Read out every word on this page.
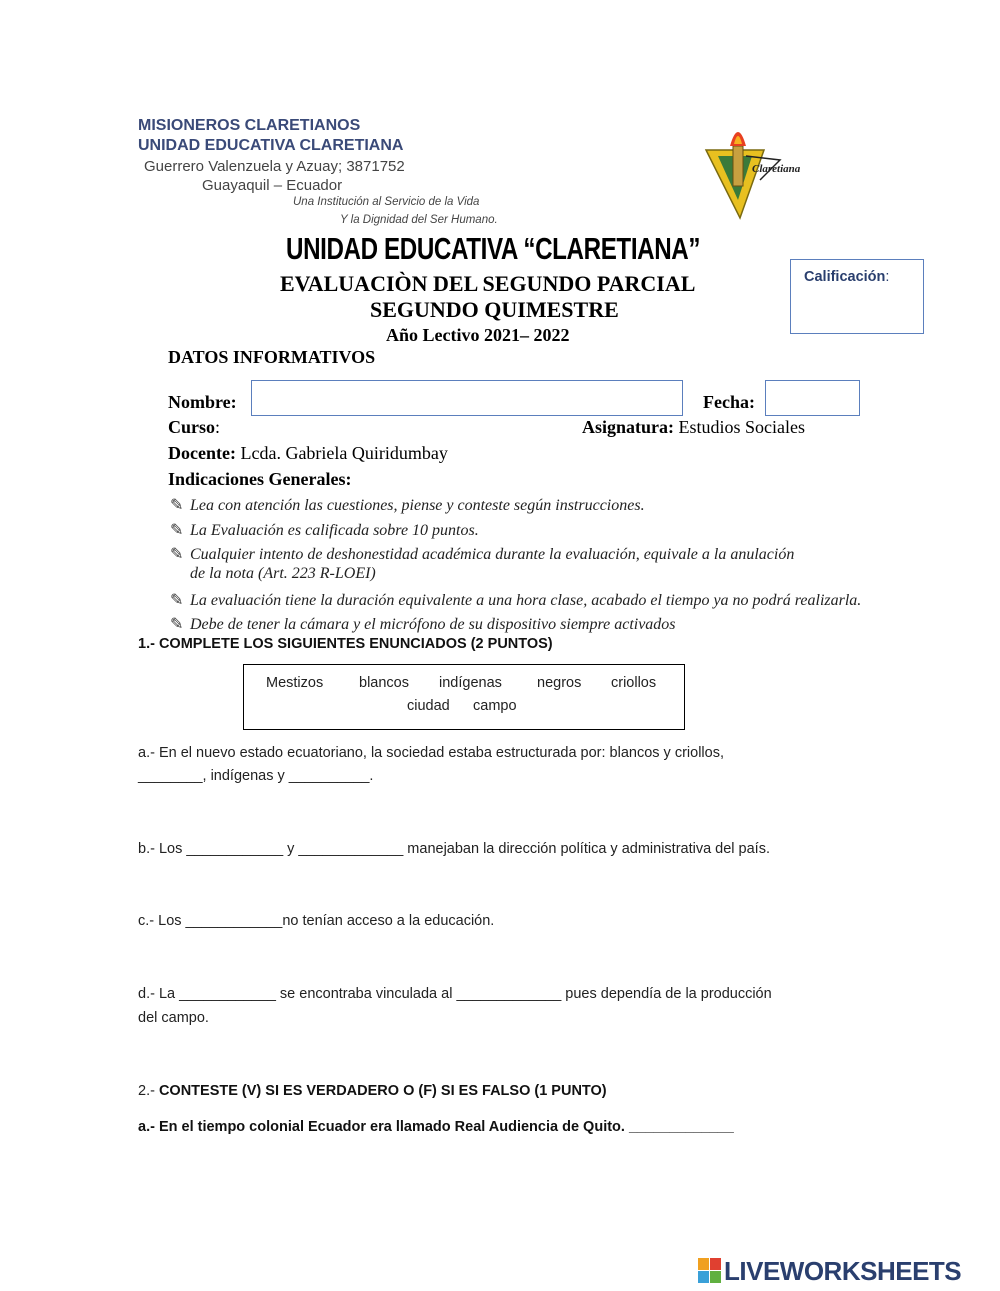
MISIONEROS CLARETIANOS
UNIDAD EDUCATIVA CLARETIANA
Guerrero Valenzuela y Azuay; 3871752
Guayaquil – Ecuador
Una Institución al Servicio de la Vida
Y la Dignidad del Ser Humano.
Claretiana
UNIDAD EDUCATIVA “CLARETIANA”
EVALUACIÒN DEL SEGUNDO PARCIAL
SEGUNDO QUIMESTRE
Año Lectivo 2021– 2022
Calificación:
DATOS INFORMATIVOS
Nombre:	Fecha:
Curso:	Asignatura: Estudios Sociales
Docente: Lcda. Gabriela Quiridumbay
Indicaciones Generales:
✎ Lea con atención las cuestiones, piense y conteste según instrucciones.
✎ La Evaluación es calificada sobre 10 puntos.
✎ Cualquier intento de deshonestidad académica durante la evaluación, equivale a la anulación
de la nota (Art. 223 R-LOEI)
✎ La evaluación tiene la duración equivalente a una hora clase, acabado el tiempo ya no podrá realizarla.
✎ Debe de tener la cámara y el micrófono de su dispositivo siempre activados
1.- COMPLETE LOS SIGUIENTES ENUNCIADOS (2 PUNTOS)
Mestizos blancos indígenas negros criollos
ciudad campo
a.- En el nuevo estado ecuatoriano, la sociedad estaba estructurada por: blancos y criollos,
________, indígenas y __________.
b.- Los ____________ y _____________ manejaban la dirección política y administrativa del país.
c.- Los ____________no tenían acceso a la educación.
d.- La ____________ se encontraba vinculada al _____________ pues dependía de la producción
del campo.
2.- CONTESTE (V) SI ES VERDADERO O (F) SI ES FALSO (1 PUNTO)
a.- En el tiempo colonial Ecuador era llamado Real Audiencia de Quito. _____________
LIVEWORKSHEETS
